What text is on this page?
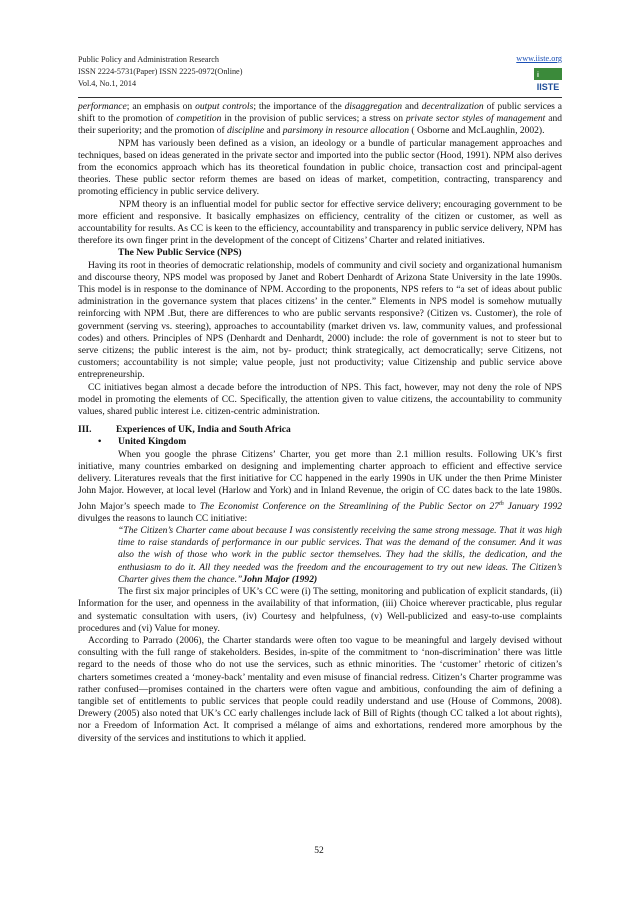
Public Policy and Administration Research
ISSN 2224-5731(Paper) ISSN 2225-0972(Online)
Vol.4, No.1, 2014
www.iiste.org
IISTE
i

performance; an emphasis on output controls; the importance of the disaggregation and decentralization of public services a shift to the promotion of competition in the provision of public services; a stress on private sector styles of management and their superiority; and the promotion of discipline and parsimony in resource allocation ( Osborne and McLaughlin, 2002).

NPM has variously been defined as a vision, an ideology or a bundle of particular management approaches and techniques, based on ideas generated in the private sector and imported into the public sector (Hood, 1991). NPM also derives from the economics approach which has its theoretical foundation in public choice, transaction cost and principal-agent theories. These public sector reform themes are based on ideas of market, competition, contracting, transparency and promoting efficiency in public service delivery.

NPM theory is an influential model for public sector for effective service delivery; encouraging government to be more efficient and responsive. It basically emphasizes on efficiency, centrality of the citizen or customer, as well as accountability for results. As CC is keen to the efficiency, accountability and transparency in public service delivery, NPM has therefore its own finger print in the development of the concept of Citizens’ Charter and related initiatives.

The New Public Service (NPS)

Having its root in theories of democratic relationship, models of community and civil society and organizational humanism and discourse theory, NPS model was proposed by Janet and Robert Denhardt of Arizona State University in the late 1990s. This model is in response to the dominance of NPM. According to the proponents, NPS refers to “a set of ideas about public administration in the governance system that places citizens’ in the center.” Elements in NPS model is somehow mutually reinforcing with NPM .But, there are differences to who are public servants responsive? (Citizen vs. Customer), the role of government (serving vs. steering), approaches to accountability (market driven vs. law, community values, and professional codes) and others. Principles of NPS (Denhardt and Denhardt, 2000) include: the role of government is not to steer but to serve citizens; the public interest is the aim, not by- product; think strategically, act democratically; serve Citizens, not customers; accountability is not simple; value people, just not productivity; value Citizenship and public service above entrepreneurship.

CC initiatives began almost a decade before the introduction of NPS. This fact, however, may not deny the role of NPS model in promoting the elements of CC. Specifically, the attention given to value citizens, the accountability to community values, shared public interest i.e. citizen-centric administration.

III.	Experiences of UK, India and South Africa
•	United Kingdom

When you google the phrase Citizens’ Charter, you get more than 2.1 million results. Following UK’s first initiative, many countries embarked on designing and implementing charter approach to efficient and effective service delivery. Literatures reveals that the first initiative for CC happened in the early 1990s in UK under the then Prime Minister John Major. However, at local level (Harlow and York) and in Inland Revenue, the origin of CC dates back to the late 1980s. John Major’s speech made to The Economist Conference on the Streamlining of the Public Sector on 27th January 1992 divulges the reasons to launch CC initiative:

“The Citizen’s Charter came about because I was consistently receiving the same strong message. That it was high time to raise standards of performance in our public services. That was the demand of the consumer. And it was also the wish of those who work in the public sector themselves. They had the skills, the dedication, and the enthusiasm to do it. All they needed was the freedom and the encouragement to try out new ideas. The Citizen’s Charter gives them the chance.”John Major (1992)

The first six major principles of UK’s CC were (i) The setting, monitoring and publication of explicit standards, (ii) Information for the user, and openness in the availability of that information, (iii) Choice wherever practicable, plus regular and systematic consultation with users, (iv) Courtesy and helpfulness, (v) Well-publicized and easy-to-use complaints procedures and (vi) Value for money.

According to Parrado (2006), the Charter standards were often too vague to be meaningful and largely devised without consulting with the full range of stakeholders. Besides, in-spite of the commitment to ‘non-discrimination’ there was little regard to the needs of those who do not use the services, such as ethnic minorities. The ‘customer’ rhetoric of citizen’s charters sometimes created a ‘money-back’ mentality and even misuse of financial redress. Citizen’s Charter programme was rather confused—promises contained in the charters were often vague and ambitious, confounding the aim of defining a tangible set of entitlements to public services that people could readily understand and use (House of Commons, 2008). Drewery (2005) also noted that UK’s CC early challenges include lack of Bill of Rights (though CC talked a lot about rights), nor a Freedom of Information Act. It comprised a mélange of aims and exhortations, rendered more amorphous by the diversity of the services and institutions to which it applied.

52
